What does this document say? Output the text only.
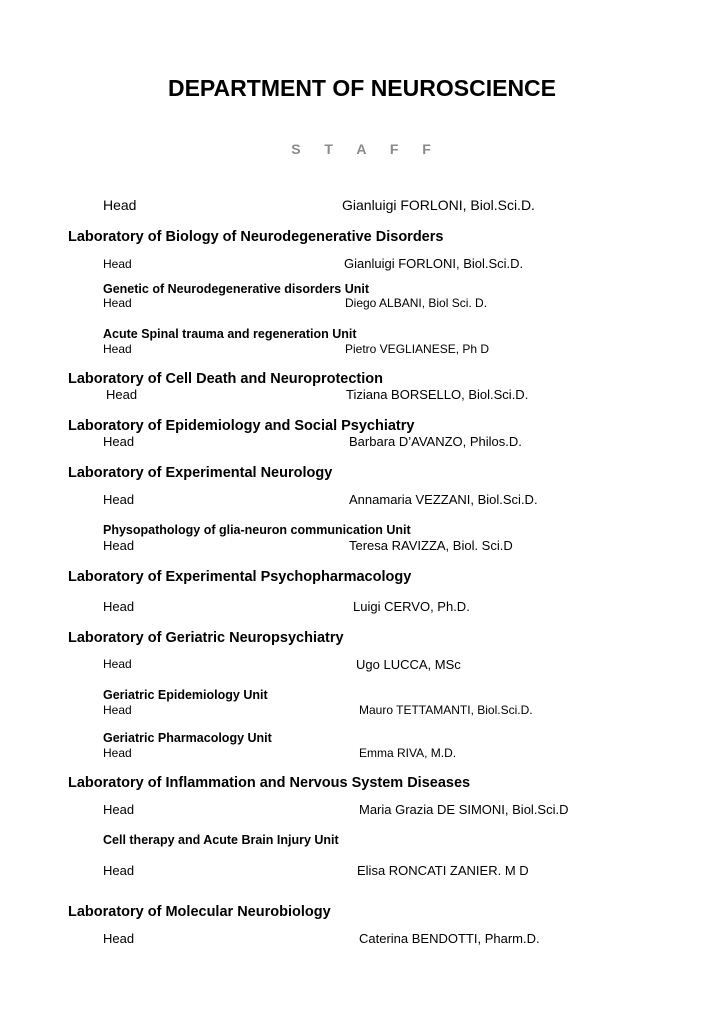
DEPARTMENT OF NEUROSCIENCE
S T A F F
Head	Gianluigi FORLONI, Biol.Sci.D.
Laboratory of Biology of Neurodegenerative Disorders
Head	Gianluigi FORLONI, Biol.Sci.D.
Genetic of Neurodegenerative disorders Unit
Head	Diego ALBANI, Biol Sci. D.
Acute Spinal trauma and regeneration Unit
Head	Pietro VEGLIANESE, Ph D
Laboratory of Cell Death and Neuroprotection
Head	Tiziana BORSELLO, Biol.Sci.D.
Laboratory of Epidemiology and Social Psychiatry
Head	Barbara D’AVANZO, Philos.D.
Laboratory of Experimental Neurology
Head	Annamaria VEZZANI, Biol.Sci.D.
Physopathology of glia-neuron communication Unit
Head	Teresa RAVIZZA, Biol. Sci.D
Laboratory of Experimental Psychopharmacology
Head	Luigi CERVO, Ph.D.
Laboratory of Geriatric Neuropsychiatry
Head	Ugo LUCCA, MSc
Geriatric Epidemiology Unit
Head	Mauro TETTAMANTI, Biol.Sci.D.
Geriatric Pharmacology Unit
Head	Emma RIVA, M.D.
Laboratory of Inflammation and Nervous System Diseases
Head	Maria Grazia DE SIMONI, Biol.Sci.D
Cell therapy and Acute Brain Injury Unit
Head	Elisa RONCATI ZANIER. M D
Laboratory of Molecular Neurobiology
Head	Caterina BENDOTTI, Pharm.D.
